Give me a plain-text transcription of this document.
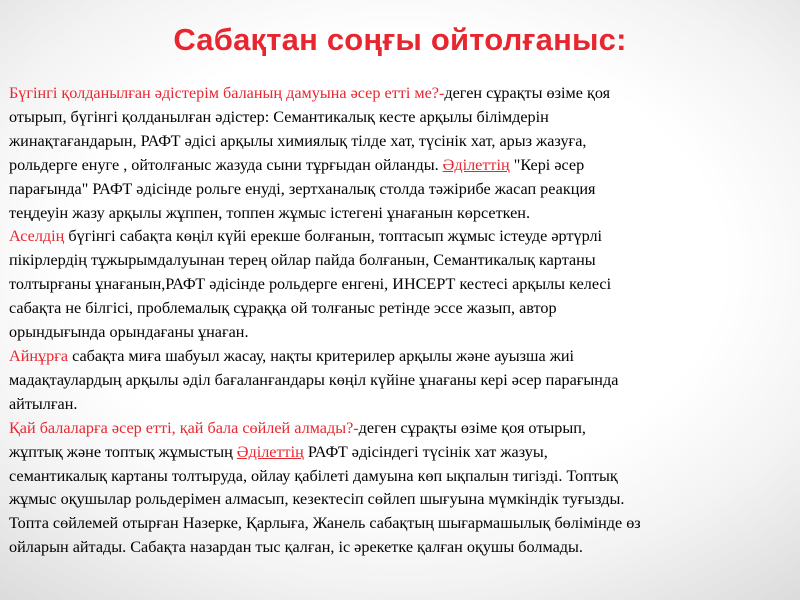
Сабақтан соңғы ойтолғаныс:
Бүгінгі қолданылған әдістерім баланың дамуына әсер етті ме?-деген сұрақты өзіме қоя
отырып, бүгінгі қолданылған әдістер: Семантикалық кесте арқылы білімдерін
жинақтағандарын, РАФТ әдісі арқылы химиялық тілде хат, түсінік хат, арыз жазуға,
рольдерге енуге , ойтолғаныс жазуда сыни тұрғыдан ойланды. Әділеттің "Кері әсер
парағында" РАФТ әдісінде рольге енуді, зертханалық столда тәжірибе жасап реакция
теңдеуін жазу арқылы жұппен, топпен жұмыс істегені ұнағанын көрсеткен.
Аселдің бүгінгі сабақта көңіл күйі ерекше болғанын, топтасып жұмыс істеуде әртүрлі
пікірлердің тұжырымдалуынан терең ойлар пайда болғанын, Семантикалық картаны
толтырғаны ұнағанын,РАФТ әдісінде рольдерге енгені, ИНСЕРТ кестесі арқылы келесі
сабақта не білгісі, проблемалық сұраққа ой толғаныс ретінде эссе жазып, автор
орындығында орындағаны ұнаған.
Айнұрға сабақта миға шабуыл жасау, нақты критерилер арқылы және ауызша жиі
мадақтаулардың арқылы әділ бағаланғандары көңіл күйіне ұнағаны кері әсер парағында
айтылған.
Қай балаларға әсер етті, қай бала сөйлей алмады?-деген сұрақты өзіме қоя отырып,
жұптық және топтық жұмыстың Әділеттің РАФТ әдісіндегі түсінік хат жазуы,
семантикалық картаны толтыруда, ойлау қабілеті дамуына көп ықпалын тигізді. Топтық
жұмыс оқушылар рольдерімен алмасып, кезектесіп сөйлеп шығуына мүмкіндік туғызды.
Топта сөйлемей отырған Назерке, Қарлыға, Жанель сабақтың шығармашылық бөлімінде өз
ойларын айтады. Сабақта назардан тыс қалған, іс әрекетке қалған оқушы болмады.
